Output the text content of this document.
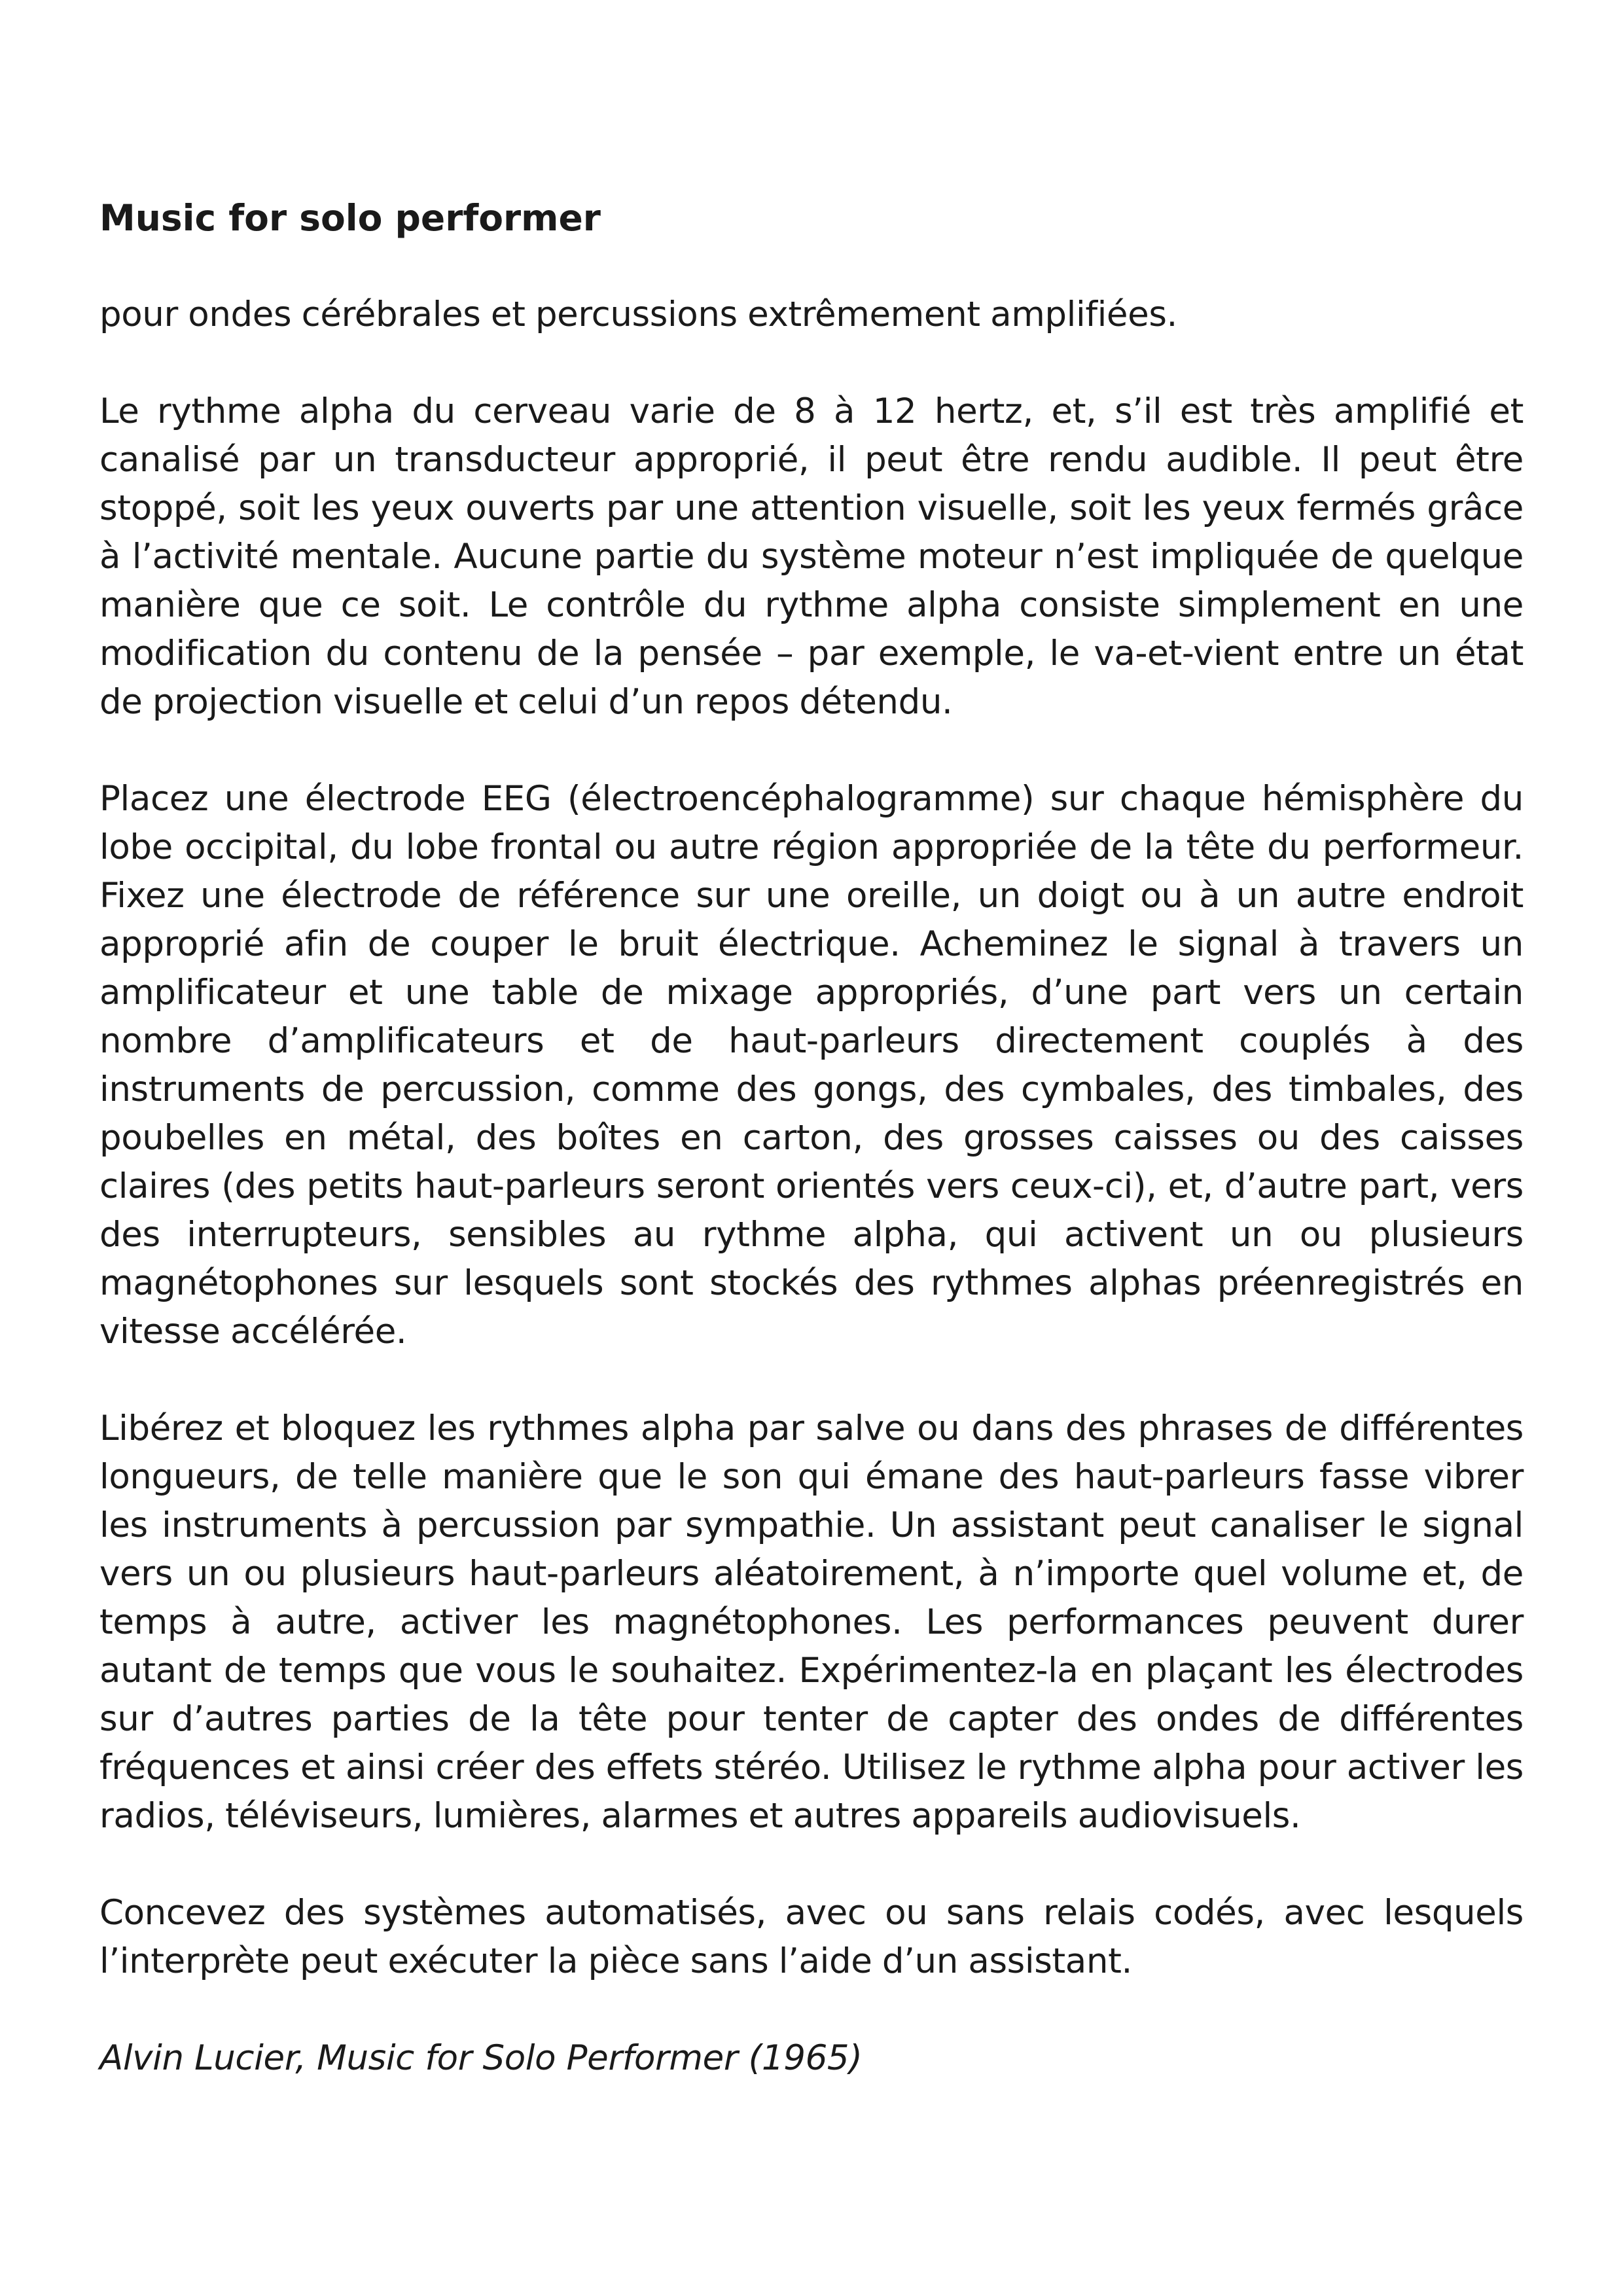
Music for solo performer

pour ondes cérébrales et percussions extrêmement amplifiées.

Le rythme alpha du cerveau varie de 8 à 12 hertz, et, s’il est très amplifié et canalisé par un transducteur approprié, il peut être rendu audible. Il peut être stoppé, soit les yeux ouverts par une attention visuelle, soit les yeux fermés grâce à l’activité mentale. Aucune partie du système moteur n’est impliquée de quelque manière que ce soit. Le contrôle du rythme alpha consiste simplement en une modification du contenu de la pensée – par exemple, le va-et-vient entre un état de projection visuelle et celui d’un repos détendu.

Placez une électrode EEG (électroencéphalogramme) sur chaque hémisphère du lobe occipital, du lobe frontal ou autre région appropriée de la tête du performeur. Fixez une électrode de référence sur une oreille, un doigt ou à un autre endroit approprié afin de couper le bruit électrique. Acheminez le signal à travers un amplificateur et une table de mixage appropriés, d’une part vers un certain nombre d’amplificateurs et de haut-parleurs directement couplés à des instruments de percussion, comme des gongs, des cymbales, des timbales, des poubelles en métal, des boîtes en carton, des grosses caisses ou des caisses claires (des petits haut-parleurs seront orientés vers ceux-ci), et, d’autre part, vers des interrupteurs, sensibles au rythme alpha, qui activent un ou plusieurs magnétophones sur lesquels sont stockés des rythmes alphas préenregistrés en vitesse accélérée.

Libérez et bloquez les rythmes alpha par salve ou dans des phrases de différentes longueurs, de telle manière que le son qui émane des haut-parleurs fasse vibrer les instruments à percussion par sympathie. Un assistant peut canaliser le signal vers un ou plusieurs haut-parleurs aléatoirement, à n’importe quel volume et, de temps à autre, activer les magnétophones. Les performances peuvent durer autant de temps que vous le souhaitez. Expérimentez-la en plaçant les électrodes sur d’autres parties de la tête pour tenter de capter des ondes de différentes fréquences et ainsi créer des effets stéréo. Utilisez le rythme alpha pour activer les radios, téléviseurs, lumières, alarmes et autres appareils audiovisuels.

Concevez des systèmes automatisés, avec ou sans relais codés, avec lesquels l’interprète peut exécuter la pièce sans l’aide d’un assistant.

Alvin Lucier, Music for Solo Performer (1965)
